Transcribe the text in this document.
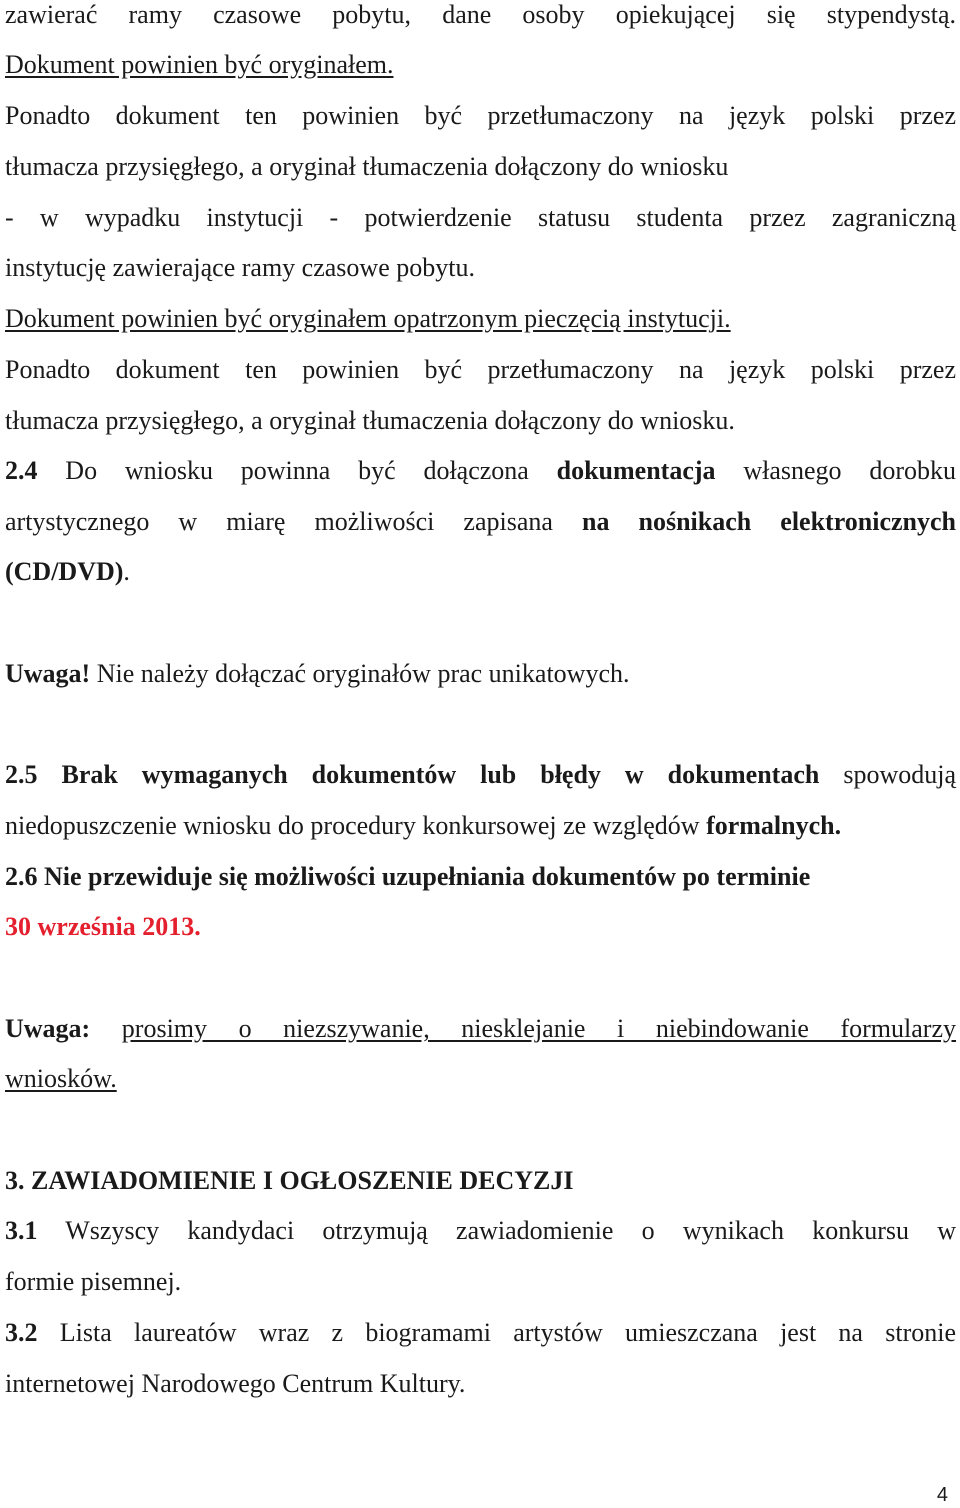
zawierać ramy czasowe pobytu, dane osoby opiekującej się stypendystą.
Dokument powinien być oryginałem.
Ponadto dokument ten powinien być przetłumaczony na język polski przez
tłumacza przysięgłego, a oryginał tłumaczenia dołączony do wniosku
- w wypadku instytucji - potwierdzenie statusu studenta przez zagraniczną
instytucję zawierające ramy czasowe pobytu.
Dokument powinien być oryginałem opatrzonym pieczęcią instytucji.
Ponadto dokument ten powinien być przetłumaczony na język polski przez
tłumacza przysięgłego, a oryginał tłumaczenia dołączony do wniosku.
2.4 Do wniosku powinna być dołączona dokumentacja własnego dorobku
artystycznego w miarę możliwości zapisana na nośnikach elektronicznych
(CD/DVD).
Uwaga! Nie należy dołączać oryginałów prac unikatowych.
2.5 Brak wymaganych dokumentów lub błędy w dokumentach spowodują
niedopuszczenie wniosku do procedury konkursowej ze względów formalnych.
2.6 Nie przewiduje się możliwości uzupełniania dokumentów po terminie
30 września 2013.
Uwaga: prosimy o niezszywanie, niesklejanie i niebindowanie formularzy
wniosków.
3. ZAWIADOMIENIE I OGŁOSZENIE DECYZJI
3.1 Wszyscy kandydaci otrzymują zawiadomienie o wynikach konkursu w
formie pisemnej.
3.2 Lista laureatów wraz z biogramami artystów umieszczana jest na stronie
internetowej Narodowego Centrum Kultury.
4
